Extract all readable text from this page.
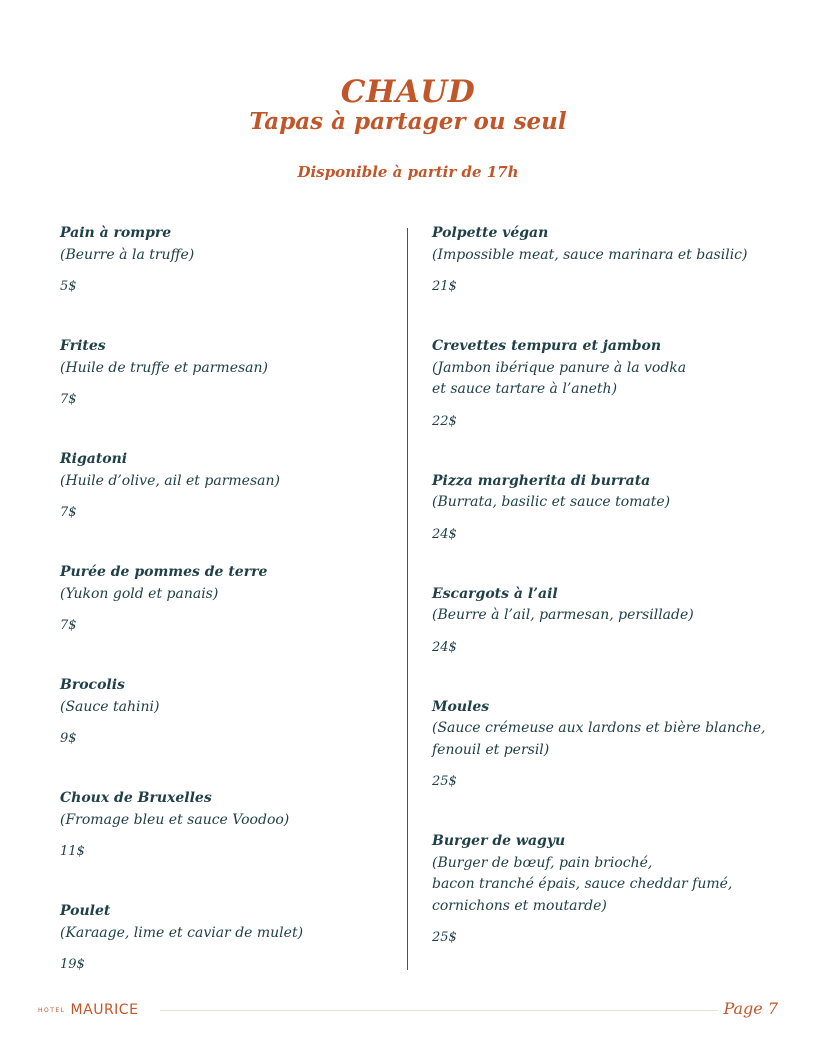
CHAUD
Tapas à partager ou seul
Disponible à partir de 17h
Pain à rompre
(Beurre à la truffe)
5$
Frites
(Huile de truffe et parmesan)
7$
Rigatoni
(Huile d’olive, ail et parmesan)
7$
Purée de pommes de terre
(Yukon gold et panais)
7$
Brocolis
(Sauce tahini)
9$
Choux de Bruxelles
(Fromage bleu et sauce Voodoo)
11$
Poulet
(Karaage, lime et caviar de mulet)
19$
Polpette végan
(Impossible meat, sauce marinara et basilic)
21$
Crevettes tempura et jambon
(Jambon ibérique panure à la vodka
et sauce tartare à l’aneth)
22$
Pizza margherita di burrata
(Burrata, basilic et sauce tomate)
24$
Escargots à l’ail
(Beurre à l’ail, parmesan, persillade)
24$
Moules
(Sauce crémeuse aux lardons et bière blanche,
fenouil et persil)
25$
Burger de wagyu
(Burger de bœuf, pain brioché,
bacon tranché épais, sauce cheddar fumé,
cornichons et moutarde)
25$
HOTEL MAURICE	Page 7
